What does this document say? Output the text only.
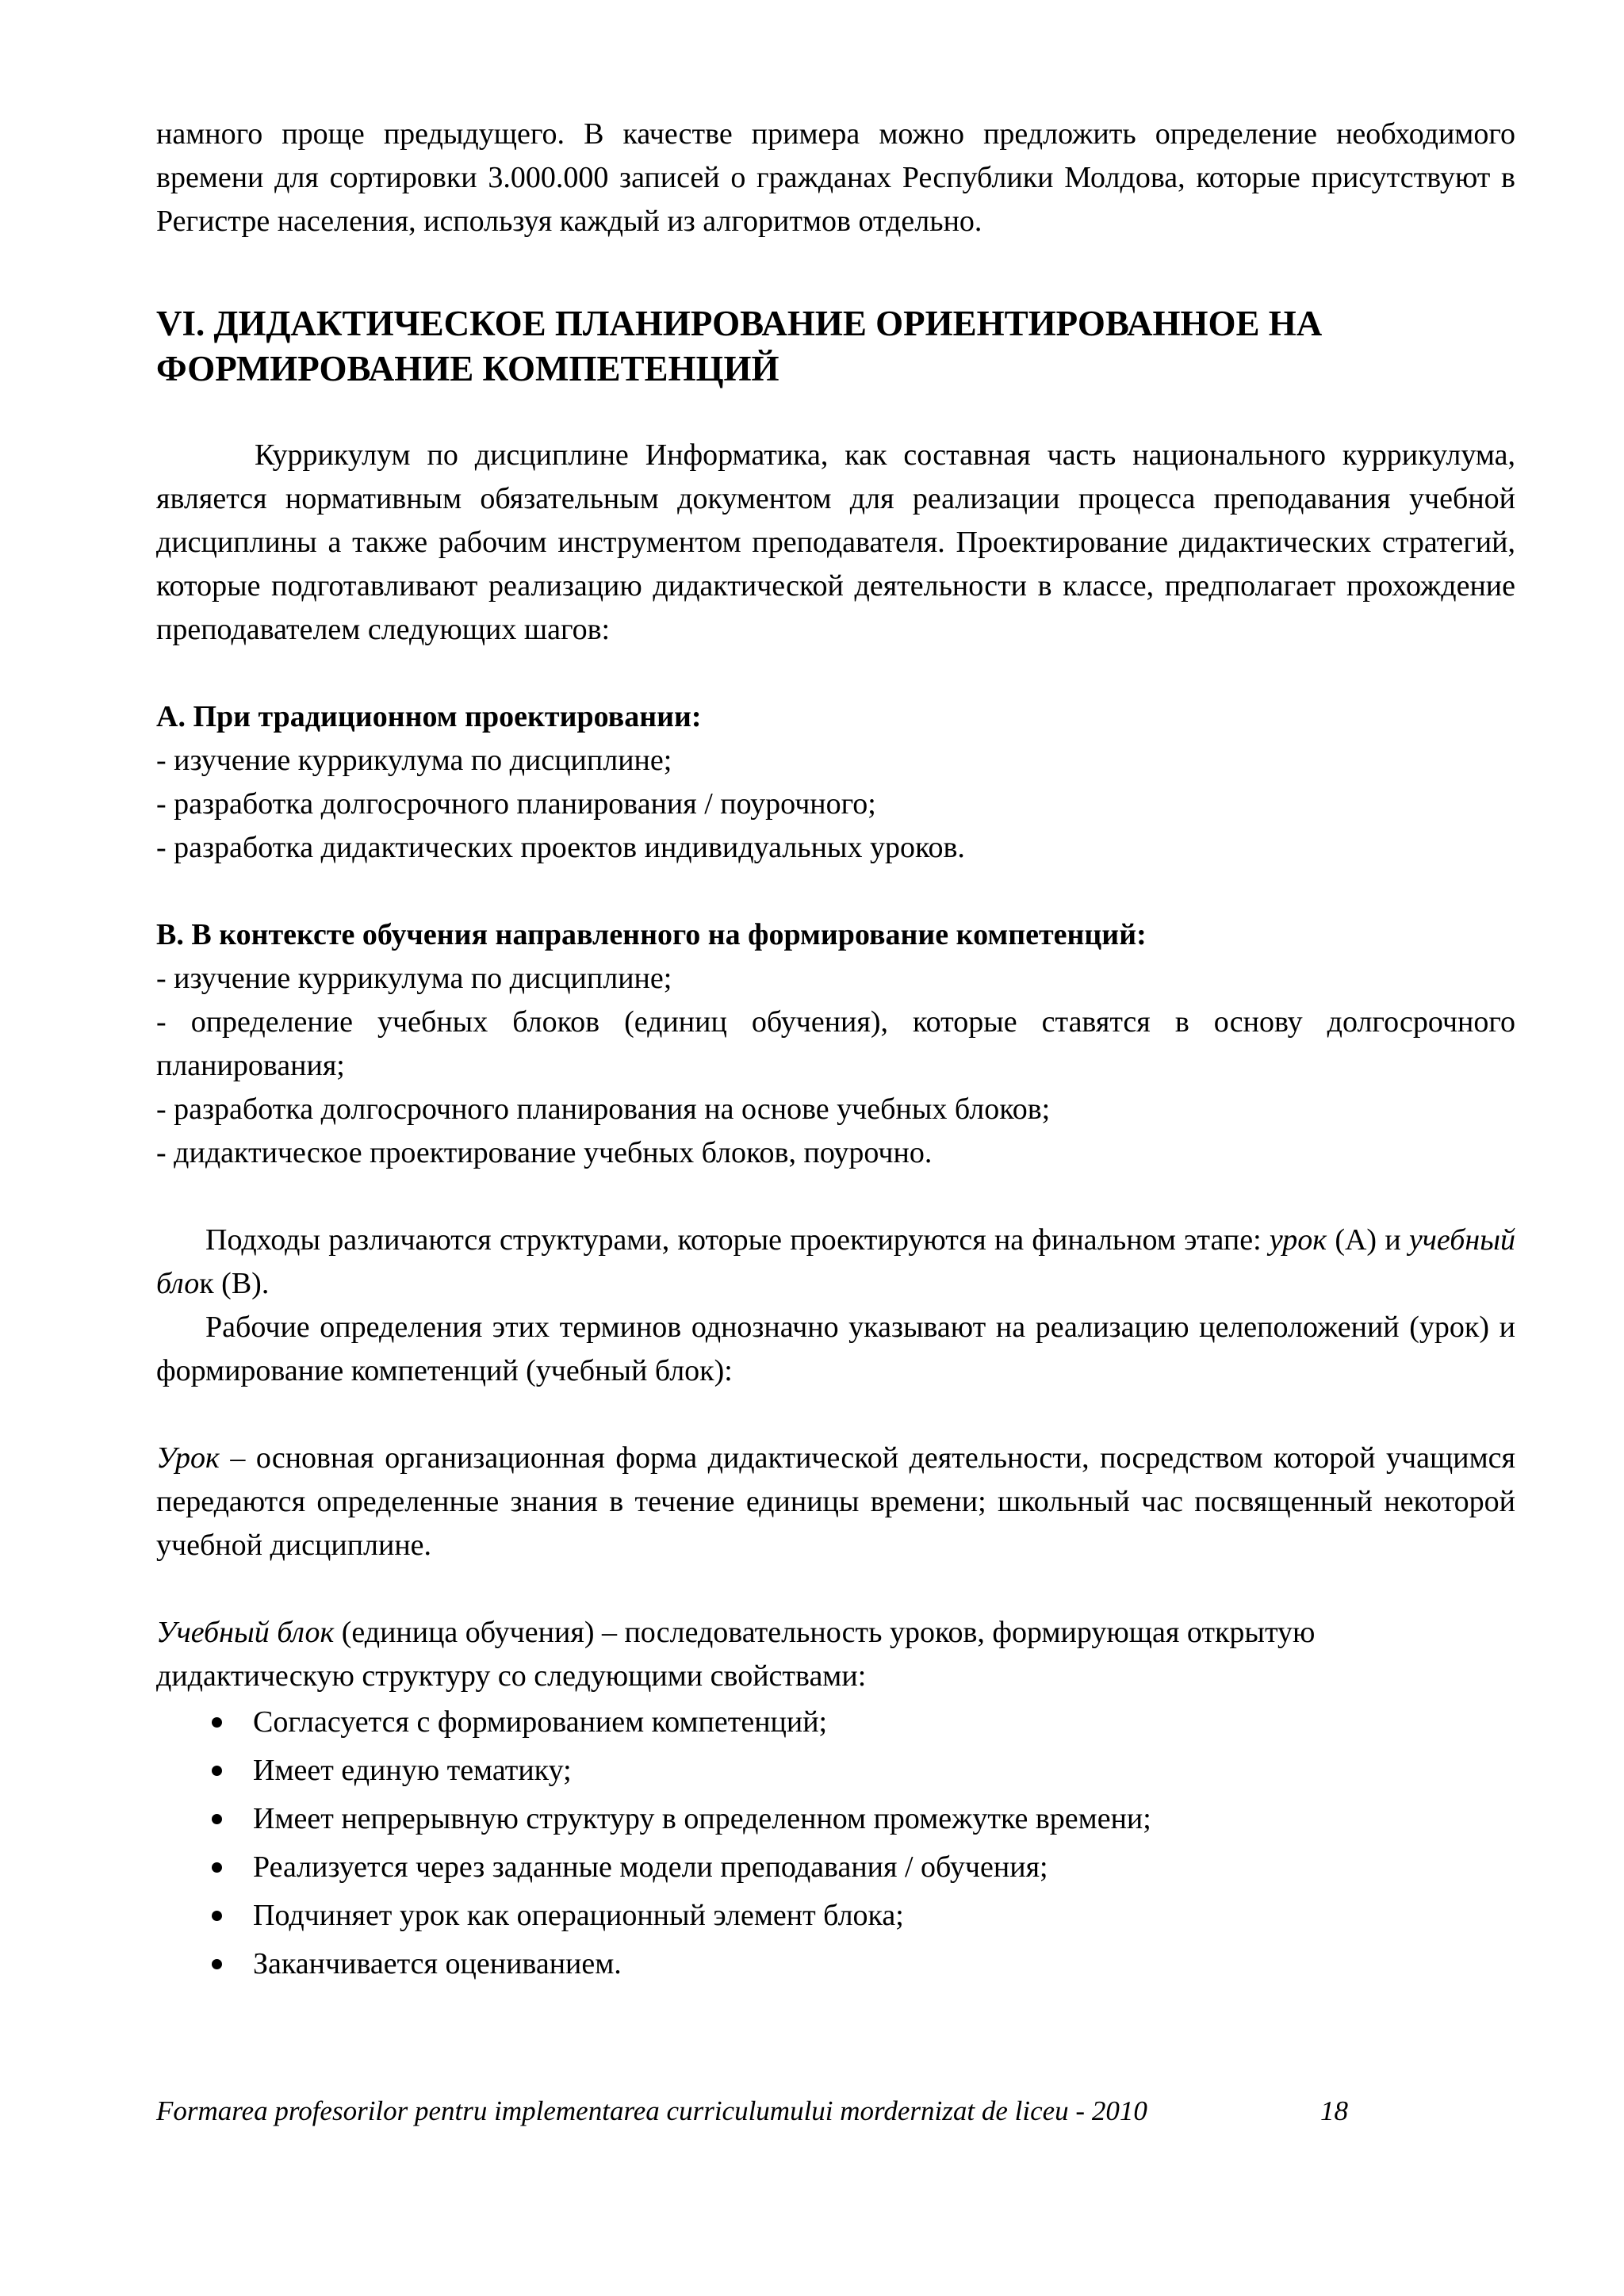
намного проще предыдущего. В качестве примера можно предложить определение необходимого времени для сортировки 3.000.000 записей о гражданах Республики Молдова, которые присутствуют в Регистре населения, используя каждый из алгоритмов отдельно.

VI. ДИДАКТИЧЕСКОЕ ПЛАНИРОВАНИЕ ОРИЕНТИРОВАННОЕ НА ФОРМИРОВАНИЕ КОМПЕТЕНЦИЙ

Куррикулум по дисциплине Информатика, как составная часть национального куррикулума, является нормативным обязательным документом для реализации процесса преподавания учебной дисциплины а также рабочим инструментом преподавателя. Проектирование дидактических стратегий, которые подготавливают реализацию дидактической деятельности в классе, предполагает прохождение преподавателем следующих шагов:

А. При традиционном проектировании:

- изучение куррикулума по дисциплине;

- разработка долгосрочного планирования / поурочного;

- разработка дидактических проектов индивидуальных уроков.

В. В контексте обучения направленного на формирование компетенций:

- изучение куррикулума по дисциплине;

- определение учебных блоков (единиц обучения), которые ставятся в основу долгосрочного планирования;

- разработка долгосрочного планирования на основе учебных блоков;

- дидактическое проектирование учебных блоков, поурочно.

Подходы различаются структурами, которые проектируются на финальном этапе: урок (А) и учебный блок (В).

Рабочие определения этих терминов однозначно указывают на реализацию целеположений (урок) и формирование компетенций (учебный блок):

Урок – основная организационная форма дидактической деятельности, посредством которой учащимся передаются определенные знания в течение единицы времени; школьный час посвященный некоторой учебной дисциплине.

Учебный блок (единица обучения) – последовательность уроков, формирующая открытую дидактическую структуру со следующими свойствами:

Согласуется с формированием компетенций;
Имеет единую тематику;
Имеет непрерывную структуру в определенном промежутке времени;
Реализуется через заданные модели преподавания / обучения;
Подчиняет урок как операционный элемент блока;
Заканчивается оцениванием.
Formarea profesorilor pentru implementarea curriculumului mordernizat de liceu - 2010	18
